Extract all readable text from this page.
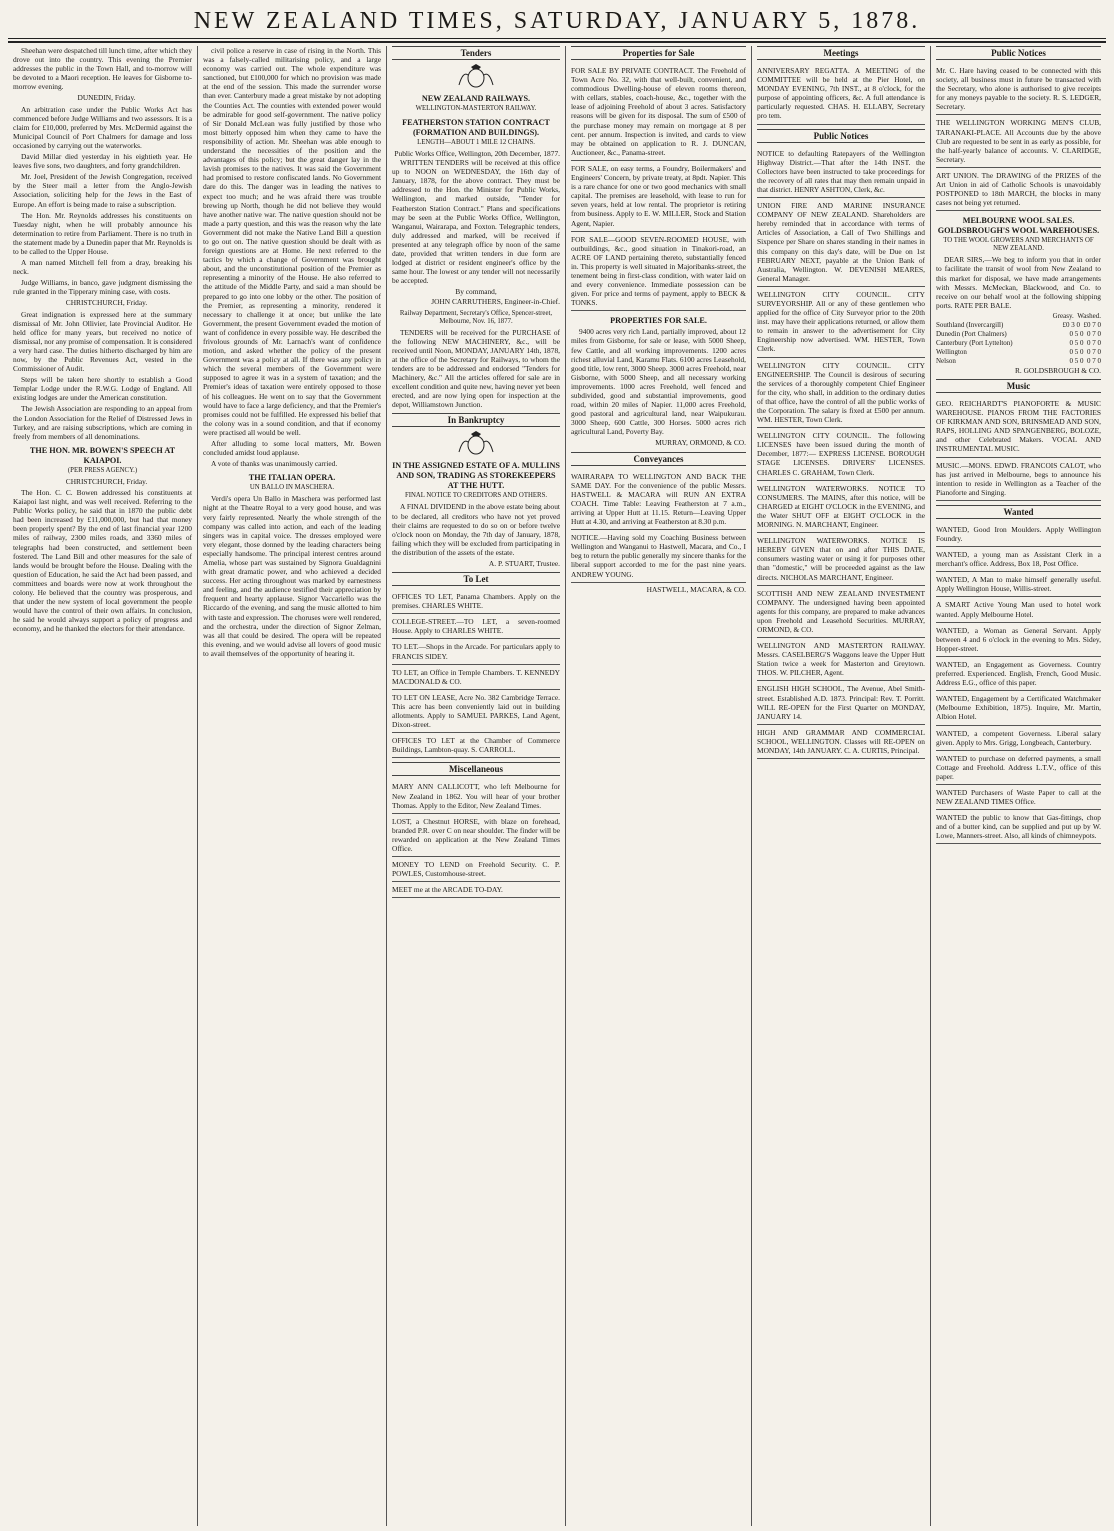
NEW ZEALAND TIMES, SATURDAY, JANUARY 5, 1878.

Sheehan were despatched till lunch time, after which they drove out into the country. This evening the Premier addresses the public in the Town Hall, and to-morrow will be devoted to a Maori reception. He leaves for Gisborne to-morrow evening.

DUNEDIN, Friday.

An arbitration case under the Public Works Act has commenced before Judge Williams and two assessors. It is a claim for £10,000, preferred by Mrs. McDermid against the Municipal Council of Port Chalmers for damage and loss occasioned by carrying out the waterworks.

David Millar died yesterday in his eightieth year. He leaves five sons, two daughters, and forty grandchildren.

Mr. Joel, President of the Jewish Congregation, received by the Steer mail a letter from the Anglo-Jewish Association, soliciting help for the Jews in the East of Europe. An effort is being made to raise a subscription.

The Hon. Mr. Reynolds addresses his constituents on Tuesday night, when he will probably announce his determination to retire from Parliament. There is no truth in the statement made by a Dunedin paper that Mr. Reynolds is to be called to the Upper House.

A man named Mitchell fell from a dray, breaking his neck.

Judge Williams, in banco, gave judgment dismissing the rule granted in the Tipperary mining case, with costs.

CHRISTCHURCH, Friday.

Great indignation is expressed here at the summary dismissal of Mr. John Ollivier, late Provincial Auditor. He held office for many years, but received no notice of dismissal, nor any promise of compensation. It is considered a very hard case. The duties hitherto discharged by him are now, by the Public Revenues Act, vested in the Commissioner of Audit.

Steps will be taken here shortly to establish a Good Templar Lodge under the R.W.G. Lodge of England. All existing lodges are under the American constitution.

The Jewish Association are responding to an appeal from the London Association for the Relief of Distressed Jews in Turkey, and are raising subscriptions, which are coming in freely from members of all denominations.

THE HON. MR. BOWEN'S SPEECH AT KAIAPOI.
(PER PRESS AGENCY.)

CHRISTCHURCH, Friday.

The Hon. C. C. Bowen addressed his constituents at Kaiapoi last night, and was well received. Referring to the Public Works policy, he said that in 1870 the public debt had been increased by £11,000,000, but had that money been properly spent? By the end of last financial year 1200 miles of railway, 2300 miles roads, and 3360 miles of telegraphs had been constructed, and settlement been fostered. The Land Bill and other measures for the sale of lands would be brought before the House. Dealing with the question of Education, he said the Act had been passed, and committees and boards were now at work throughout the colony. He believed that the country was prosperous, and that under the new system of local government the people would have the control of their own affairs. In conclusion, he said he would always support a policy of progress and economy, and he thanked the electors for their attendance.

civil police a reserve in case of rising in the North. This was a falsely-called militarising policy, and a large economy was carried out. The whole expenditure was sanctioned, but £100,000 for which no provision was made at the end of the session. This made the surrender worse than ever. Canterbury made a great mistake by not adopting the Counties Act. The counties with extended power would be admirable for good self-government. The native policy of Sir Donald McLean was fully justified by those who most bitterly opposed him when they came to have the responsibility of action. Mr. Sheehan was able enough to understand the necessities of the position and the advantages of this policy; but the great danger lay in the lavish promises to the natives. It was said the Government had promised to restore confiscated lands. No Government dare do this. The danger was in leading the natives to expect too much; and he was afraid there was trouble brewing up North, though he did not believe they would have another native war. The native question should not be made a party question, and this was the reason why the late Government did not make the Native Land Bill a question to go out on. The native question should be dealt with as foreign questions are at Home. He next referred to the tactics by which a change of Government was brought about, and the unconstitutional position of the Premier as representing a minority of the House. He also referred to the attitude of the Middle Party, and said a man should be prepared to go into one lobby or the other. The position of the Premier, as representing a minority, rendered it necessary to challenge it at once; but unlike the late Government, the present Government evaded the motion of want of confidence in every possible way. He described the frivolous grounds of Mr. Larnach's want of confidence motion, and asked whether the policy of the present Government was a policy at all. If there was any policy in which the several members of the Government were supposed to agree it was in a system of taxation; and the Premier's ideas of taxation were entirely opposed to those of his colleagues. He went on to say that the Government would have to face a large deficiency, and that the Premier's promises could not be fulfilled. He expressed his belief that the colony was in a sound condition, and that if economy were practised all would be well.

After alluding to some local matters, Mr. Bowen concluded amidst loud applause.

A vote of thanks was unanimously carried.

THE ITALIAN OPERA.
UN BALLO IN MASCHERA.

Verdi's opera Un Ballo in Maschera was performed last night at the Theatre Royal to a very good house, and was very fairly represented. Nearly the whole strength of the company was called into action, and each of the leading singers was in capital voice. The dresses employed were very elegant, those donned by the leading characters being especially handsome. The principal interest centres around Amelia, whose part was sustained by Signora Gualdagnini with great dramatic power, and who achieved a decided success. Her acting throughout was marked by earnestness and feeling, and the audience testified their appreciation by frequent and hearty applause. Signor Vaccariello was the Riccardo of the evening, and sang the music allotted to him with taste and expression. The choruses were well rendered, and the orchestra, under the direction of Signor Zelman, was all that could be desired. The opera will be repeated this evening, and we would advise all lovers of good music to avail themselves of the opportunity of hearing it.

Tenders
NEW ZEALAND RAILWAYS.
WELLINGTON-MASTERTON RAILWAY.
FEATHERSTON STATION CONTRACT (FORMATION AND BUILDINGS).
LENGTH—ABOUT 1 MILE 12 CHAINS.
Public Works Office, Wellington, 20th December, 1877.

WRITTEN TENDERS will be received at this office up to NOON on WEDNESDAY, the 16th day of January, 1878, for the above contract. They must be addressed to the Hon. the Minister for Public Works, Wellington, and marked outside, "Tender for Featherston Station Contract." Plans and specifications may be seen at the Public Works Office, Wellington, Wanganui, Wairarapa, and Foxton. Telegraphic tenders, duly addressed and marked, will be received if presented at any telegraph office by noon of the same date, provided that written tenders in due form are lodged at district or resident engineer's office by the same hour. The lowest or any tender will not necessarily be accepted.

By command,
JOHN CARRUTHERS, Engineer-in-Chief.
Railway Department, Secretary's Office, Spencer-street, Melbourne, Nov. 16, 1877.

TENDERS will be received for the PURCHASE of the following NEW MACHINERY, &c., will be received until Noon, MONDAY, JANUARY 14th, 1878, at the office of the Secretary for Railways, to whom the tenders are to be addressed and endorsed "Tenders for Machinery, &c." All the articles offered for sale are in excellent condition and quite new, having never yet been erected, and are now lying open for inspection at the depot, Williamstown Junction.

In Bankruptcy
IN THE ASSIGNED ESTATE OF A. MULLINS AND SON, TRADING AS STOREKEEPERS AT THE HUTT.
FINAL NOTICE TO CREDITORS AND OTHERS.

A FINAL DIVIDEND in the above estate being about to be declared, all creditors who have not yet proved their claims are requested to do so on or before twelve o'clock noon on Monday, the 7th day of January, 1878, failing which they will be excluded from participating in the distribution of the assets of the estate.

A. P. STUART, Trustee.
To Let
OFFICES TO LET, Panama Chambers. Apply on the premises. CHARLES WHITE.
COLLEGE-STREET.—TO LET, a seven-roomed House. Apply to CHARLES WHITE.
TO LET.—Shops in the Arcade. For particulars apply to FRANCIS SIDEY.
TO LET, an Office in Temple Chambers. T. KENNEDY MACDONALD & CO.
TO LET ON LEASE, Acre No. 382 Cambridge Terrace. This acre has been conveniently laid out in building allotments. Apply to SAMUEL PARKES, Land Agent, Dixon-street.
OFFICES TO LET at the Chamber of Commerce Buildings, Lambton-quay. S. CARROLL.
Miscellaneous
MARY ANN CALLICOTT, who left Melbourne for New Zealand in 1862. You will hear of your brother Thomas. Apply to the Editor, New Zealand Times.
LOST, a Chestnut HORSE, with blaze on forehead, branded P.R. over C on near shoulder. The finder will be rewarded on application at the New Zealand Times Office.
MONEY TO LEND on Freehold Security. C. P. POWLES, Customhouse-street.
MEET me at the ARCADE TO-DAY.
Properties for Sale
FOR SALE BY PRIVATE CONTRACT. The Freehold of Town Acre No. 32, with that well-built, convenient, and commodious Dwelling-house of eleven rooms thereon, with cellars, stables, coach-house, &c., together with the lease of adjoining Freehold of about 3 acres. Satisfactory reasons will be given for its disposal. The sum of £500 of the purchase money may remain on mortgage at 8 per cent. per annum. Inspection is invited, and cards to view may be obtained on application to R. J. DUNCAN, Auctioneer, &c., Panama-street.
FOR SALE, on easy terms, a Foundry, Boilermakers' and Engineers' Concern, by private treaty, at 8pdt. Napier. This is a rare chance for one or two good mechanics with small capital. The premises are leasehold, with lease to run for seven years, held at low rental. The proprietor is retiring from business. Apply to E. W. MILLER, Stock and Station Agent, Napier.
FOR SALE—GOOD SEVEN-ROOMED HOUSE, with outbuildings, &c., good situation in Tinakori-road, an ACRE OF LAND pertaining thereto, substantially fenced in. This property is well situated in Majoribanks-street, the tenement being in first-class condition, with water laid on and every convenience. Immediate possession can be given. For price and terms of payment, apply to BECK & TONKS.
PROPERTIES FOR SALE.

9400 acres very rich Land, partially improved, about 12 miles from Gisborne, for sale or lease, with 5000 Sheep, few Cattle, and all working improvements. 1200 acres richest alluvial Land, Karamu Flats. 6100 acres Leasehold, good title, low rent, 3000 Sheep. 3000 acres Freehold, near Gisborne, with 5000 Sheep, and all necessary working improvements. 1000 acres Freehold, well fenced and subdivided, good and substantial improvements, good road, within 20 miles of Napier. 11,000 acres Freehold, good pastoral and agricultural land, near Waipukurau. 3000 Sheep, 600 Cattle, 300 Horses. 5000 acres rich agricultural Land, Poverty Bay.

MURRAY, ORMOND, & CO.
Conveyances
WAIRARAPA TO WELLINGTON AND BACK THE SAME DAY. For the convenience of the public Messrs. HASTWELL & MACARA will RUN AN EXTRA COACH. Time Table: Leaving Featherston at 7 a.m., arriving at Upper Hutt at 11.15. Return—Leaving Upper Hutt at 4.30, and arriving at Featherston at 8.30 p.m.
NOTICE.—Having sold my Coaching Business between Wellington and Wanganui to Hastwell, Macara, and Co., I beg to return the public generally my sincere thanks for the liberal support accorded to me for the past nine years. ANDREW YOUNG.
HASTWELL, MACARA, & CO.
Meetings
ANNIVERSARY REGATTA. A MEETING of the COMMITTEE will be held at the Pier Hotel, on MONDAY EVENING, 7th INST., at 8 o'clock, for the purpose of appointing officers, &c. A full attendance is particularly requested. CHAS. H. ELLABY, Secretary pro tem.
Public Notices
NOTICE to defaulting Ratepayers of the Wellington Highway District.—That after the 14th INST. the Collectors have been instructed to take proceedings for the recovery of all rates that may then remain unpaid in that district. HENRY ASHTON, Clerk, &c.
UNION FIRE AND MARINE INSURANCE COMPANY OF NEW ZEALAND. Shareholders are hereby reminded that in accordance with terms of Articles of Association, a Call of Two Shillings and Sixpence per Share on shares standing in their names in this company on this day's date, will be Due on 1st FEBRUARY NEXT, payable at the Union Bank of Australia, Wellington. W. DEVENISH MEARES, General Manager.
WELLINGTON CITY COUNCIL. CITY SURVEYORSHIP. All or any of these gentlemen who applied for the office of City Surveyor prior to the 20th inst. may have their applications returned, or allow them to remain in answer to the advertisement for City Engineership now advertised. WM. HESTER, Town Clerk.
WELLINGTON CITY COUNCIL. CITY ENGINEERSHIP. The Council is desirous of securing the services of a thoroughly competent Chief Engineer for the city, who shall, in addition to the ordinary duties of that office, have the control of all the public works of the Corporation. The salary is fixed at £500 per annum. WM. HESTER, Town Clerk.
WELLINGTON CITY COUNCIL. The following LICENSES have been issued during the month of December, 1877:— EXPRESS LICENSE. BOROUGH STAGE LICENSES. DRIVERS' LICENSES. CHARLES C. GRAHAM, Town Clerk.
WELLINGTON WATERWORKS. NOTICE TO CONSUMERS. The MAINS, after this notice, will be CHARGED at EIGHT O'CLOCK in the EVENING, and the Water SHUT OFF at EIGHT O'CLOCK in the MORNING. N. MARCHANT, Engineer.
WELLINGTON WATERWORKS. NOTICE IS HEREBY GIVEN that on and after THIS DATE, consumers wasting water or using it for purposes other than "domestic," will be proceeded against as the law directs. NICHOLAS MARCHANT, Engineer.
SCOTTISH AND NEW ZEALAND INVESTMENT COMPANY. The undersigned having been appointed agents for this company, are prepared to make advances upon Freehold and Leasehold Securities. MURRAY, ORMOND, & CO.
WELLINGTON AND MASTERTON RAILWAY. Messrs. CASELBERG'S Waggons leave the Upper Hutt Station twice a week for Masterton and Greytown. THOS. W. PILCHER, Agent.
ENGLISH HIGH SCHOOL, The Avenue, Abel Smith-street. Established A.D. 1873. Principal: Rev. T. Porritt. WILL RE-OPEN for the First Quarter on MONDAY, JANUARY 14.
HIGH AND GRAMMAR AND COMMERCIAL SCHOOL, WELLINGTON. Classes will RE-OPEN on MONDAY, 14th JANUARY. C. A. CURTIS, Principal.
Public Notices
Mr. C. Hare having ceased to be connected with this society, all business must in future be transacted with the Secretary, who alone is authorised to give receipts for any moneys payable to the society. R. S. LEDGER, Secretary.
THE WELLINGTON WORKING MEN'S CLUB, TARANAKI-PLACE. All Accounts due by the above Club are requested to be sent in as early as possible, for the half-yearly balance of accounts. V. CLARIDGE, Secretary.
ART UNION. The DRAWING of the PRIZES of the Art Union in aid of Catholic Schools is unavoidably POSTPONED to 18th MARCH, the blocks in many cases not being yet returned.
MELBOURNE WOOL SALES. GOLDSBROUGH'S WOOL WAREHOUSES.
TO THE WOOL GROWERS AND MERCHANTS OF NEW ZEALAND.

DEAR SIRS,—We beg to inform you that in order to facilitate the transit of wool from New Zealand to this market for disposal, we have made arrangements with Messrs. McMeckan, Blackwood, and Co. to receive on our behalf wool at the following shipping ports. RATE PER BALE.

Greasy. Washed.
Southland (Invercargill)	£0 3 0 £0 7 0
Dunedin (Port Chalmers)	0 5 0 0 7 0
Canterbury (Port Lyttelton)	0 5 0 0 7 0
Wellington	0 5 0 0 7 0
Nelson	0 5 0 0 7 0
R. GOLDSBROUGH & CO.
Music
GEO. REICHARDT'S PIANOFORTE & MUSIC WAREHOUSE. PIANOS FROM THE FACTORIES OF KIRKMAN AND SON, BRINSMEAD AND SON, RAPS, HOLLING AND SPANGENBERG, BOLOZE, and other Celebrated Makers. VOCAL AND INSTRUMENTAL MUSIC.
MUSIC.—MONS. EDWD. FRANCOIS CALOT, who has just arrived in Melbourne, begs to announce his intention to reside in Wellington as a Teacher of the Pianoforte and Singing.
Wanted
WANTED, Good Iron Moulders. Apply Wellington Foundry.
WANTED, a young man as Assistant Clerk in a merchant's office. Address, Box 18, Post Office.
WANTED, A Man to make himself generally useful. Apply Wellington House, Willis-street.
A SMART Active Young Man used to hotel work wanted. Apply Melbourne Hotel.
WANTED, a Woman as General Servant. Apply between 4 and 6 o'clock in the evening to Mrs. Sidey, Hopper-street.
WANTED, an Engagement as Governess. Country preferred. Experienced. English, French, Good Music. Address E.G., office of this paper.
WANTED, Engagement by a Certificated Watchmaker (Melbourne Exhibition, 1875). Inquire, Mr. Martin, Albion Hotel.
WANTED, a competent Governess. Liberal salary given. Apply to Mrs. Grigg, Longbeach, Canterbury.
WANTED to purchase on deferred payments, a small Cottage and Freehold. Address L.T.V., office of this paper.
WANTED Purchasers of Waste Paper to call at the NEW ZEALAND TIMES Office.
WANTED the public to know that Gas-fittings, chop and of a butter kind, can be supplied and put up by W. Lowe, Manners-street. Also, all kinds of chimneypots.
